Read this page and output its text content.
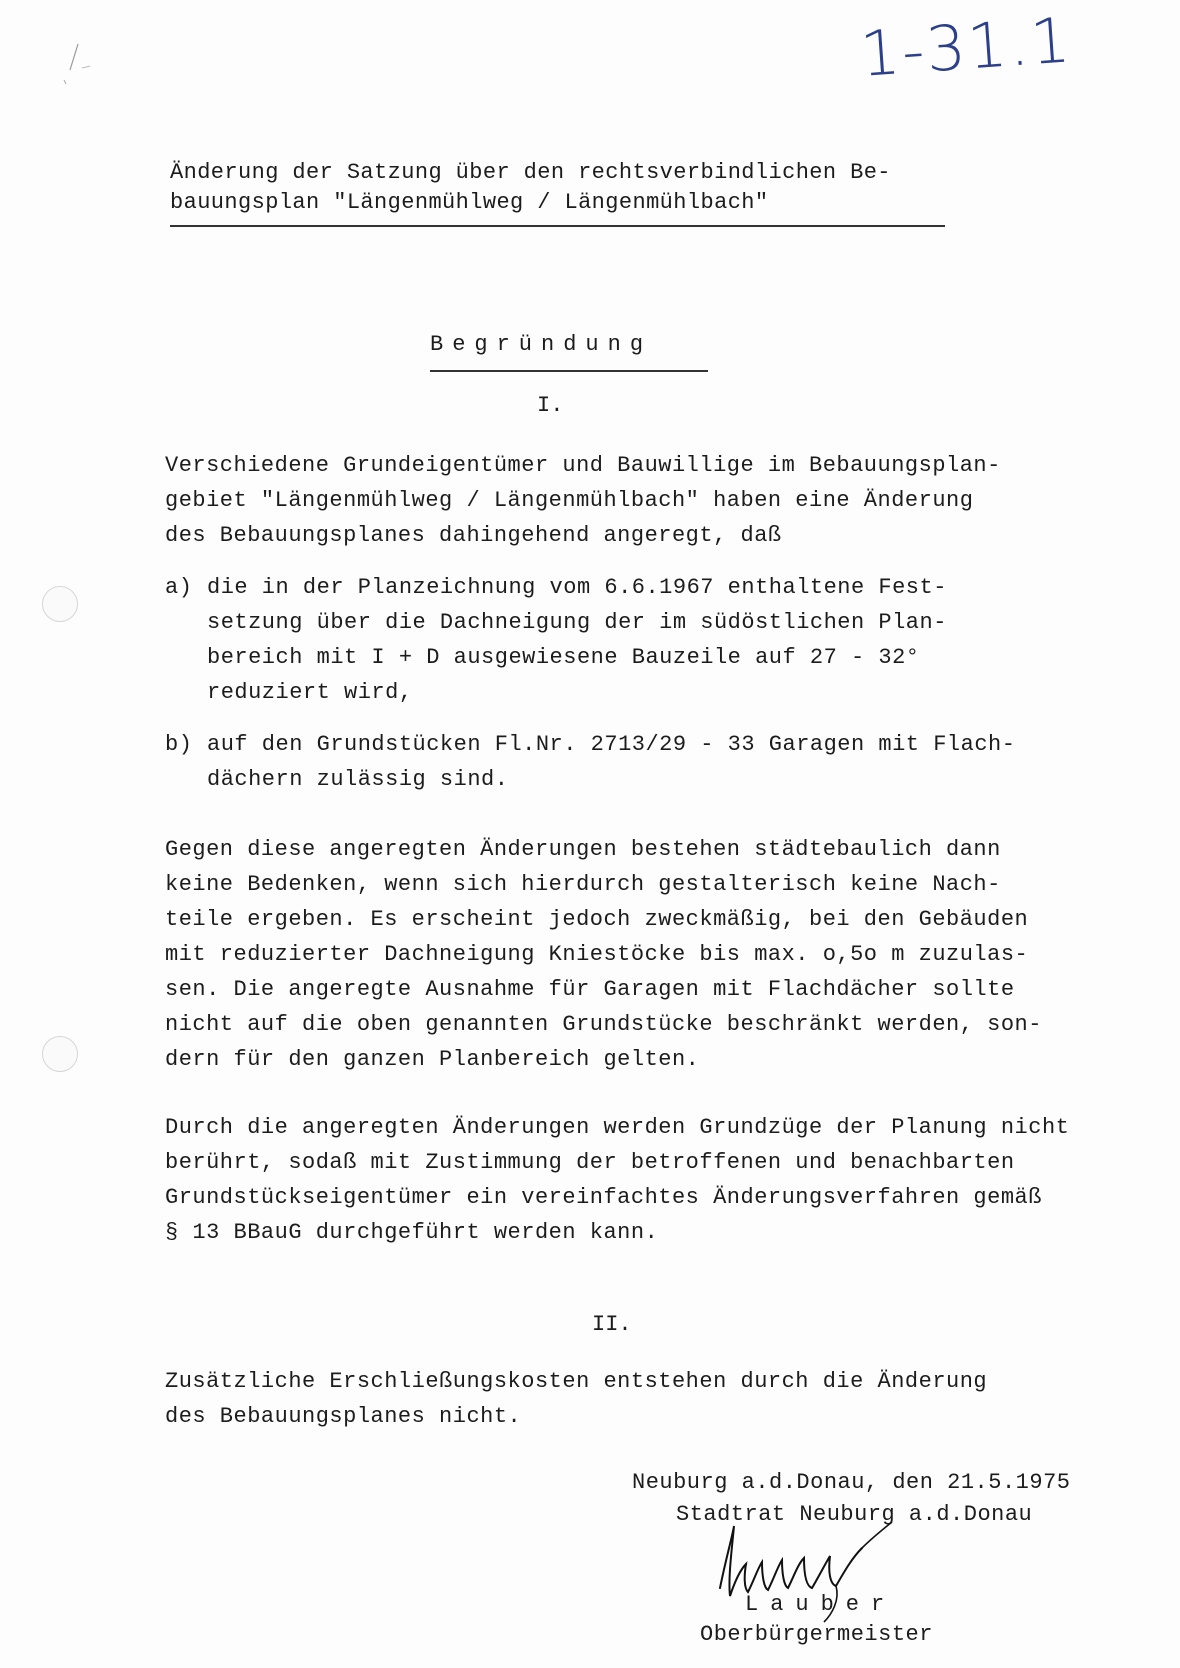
1-31.1
Änderung der Satzung über den rechtsverbindlichen Be-
bauungsplan "Längenmühlweg / Längenmühlbach"
Begründung
I.
Verschiedene Grundeigentümer und Bauwillige im Bebauungsplan-
gebiet "Längenmühlweg / Längenmühlbach" haben eine Änderung
des Bebauungsplanes dahingehend angeregt, daß
a) die in der Planzeichnung vom 6.6.1967 enthaltene Fest-
setzung über die Dachneigung der im südöstlichen Plan-
bereich mit I + D ausgewiesene Bauzeile auf 27 - 32°
reduziert wird,
b) auf den Grundstücken Fl.Nr. 2713/29 - 33 Garagen mit Flach-
dächern zulässig sind.
Gegen diese angeregten Änderungen bestehen städtebaulich dann
keine Bedenken, wenn sich hierdurch gestalterisch keine Nach-
teile ergeben. Es erscheint jedoch zweckmäßig, bei den Gebäuden
mit reduzierter Dachneigung Kniestöcke bis max. o,5o m zuzulas-
sen. Die angeregte Ausnahme für Garagen mit Flachdächer sollte
nicht auf die oben genannten Grundstücke beschränkt werden, son-
dern für den ganzen Planbereich gelten.
Durch die angeregten Änderungen werden Grundzüge der Planung nicht
berührt, sodaß mit Zustimmung der betroffenen und benachbarten
Grundstückseigentümer ein vereinfachtes Änderungsverfahren gemäß
§ 13 BBauG durchgeführt werden kann.
II.
Zusätzliche Erschließungskosten entstehen durch die Änderung
des Bebauungsplanes nicht.
Neuburg a.d.Donau, den 21.5.1975
Stadtrat Neuburg a.d.Donau
Lauber
Oberbürgermeister
